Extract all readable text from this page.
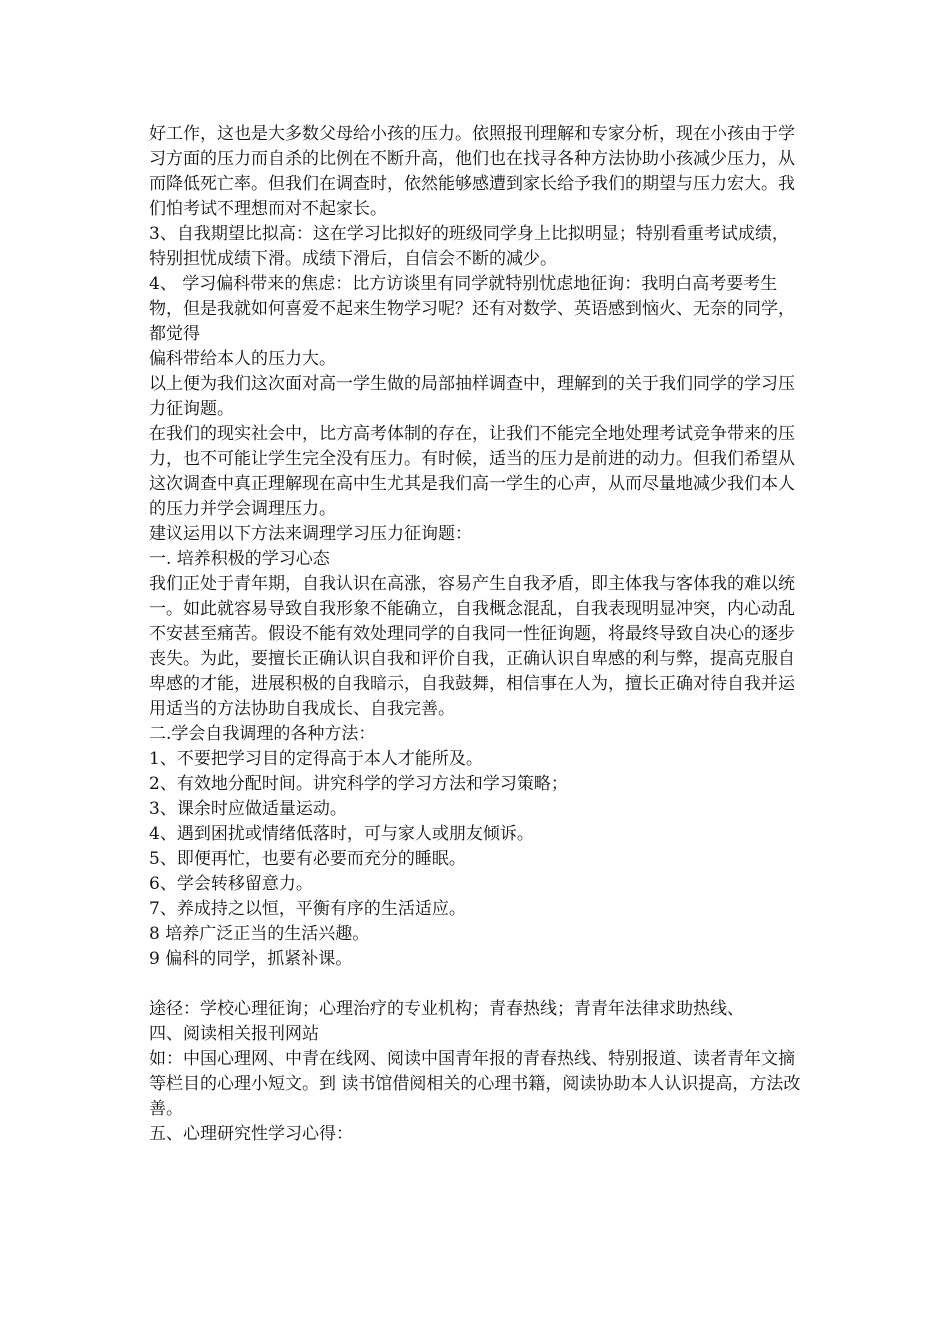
好工作，这也是大多数父母给小孩的压力。依照报刊理解和专家分析，现在小孩由于学习方面的压力而自杀的比例在不断升高，他们也在找寻各种方法协助小孩减少压力，从而降低死亡率。但我们在调查时，依然能够感遭到家长给予我们的期望与压力宏大。我们怕考试不理想而对不起家长。

3、自我期望比拟高：这在学习比拟好的班级同学身上比拟明显；特别看重考试成绩，特别担忧成绩下滑。成绩下滑后，自信会不断的减少。

4、 学习偏科带来的焦虑：比方访谈里有同学就特别忧虑地征询：我明白高考要考生物，但是我就如何喜爱不起来生物学习呢？还有对数学、英语感到恼火、无奈的同学，都觉得

偏科带给本人的压力大。

以上便为我们这次面对高一学生做的局部抽样调查中，理解到的关于我们同学的学习压力征询题。

在我们的现实社会中，比方高考体制的存在，让我们不能完全地处理考试竞争带来的压力，也不可能让学生完全没有压力。有时候，适当的压力是前进的动力。但我们希望从这次调查中真正理解现在高中生尤其是我们高一学生的心声，从而尽量地减少我们本人的压力并学会调理压力。

建议运用以下方法来调理学习压力征询题：

一. 培养积极的学习心态

我们正处于青年期，自我认识在高涨，容易产生自我矛盾，即主体我与客体我的难以统

一。如此就容易导致自我形象不能确立，自我概念混乱，自我表现明显冲突，内心动乱不安甚至痛苦。假设不能有效处理同学的自我同一性征询题，将最终导致自决心的逐步丧失。为此，要擅长正确认识自我和评价自我，正确认识自卑感的利与弊，提高克服自卑感的才能，进展积极的自我暗示，自我鼓舞，相信事在人为，擅长正确对待自我并运用适当的方法协助自我成长、自我完善。

二.学会自我调理的各种方法：

1、不要把学习目的定得高于本人才能所及。

2、有效地分配时间。讲究科学的学习方法和学习策略；

3、课余时应做适量运动。

4、遇到困扰或情绪低落时，可与家人或朋友倾诉。

5、即便再忙，也要有必要而充分的睡眠。

6、学会转移留意力。

7、养成持之以恒，平衡有序的生活适应。

8 培养广泛正当的生活兴趣。

9 偏科的同学，抓紧补课。

途径：学校心理征询；心理治疗的专业机构；青春热线；青青年法律求助热线、

四、阅读相关报刊网站

如：中国心理网、中青在线网、阅读中国青年报的青春热线、特别报道、读者青年文摘等栏目的心理小短文。到 读书馆借阅相关的心理书籍，阅读协助本人认识提高，方法改善。

五、心理研究性学习心得：
